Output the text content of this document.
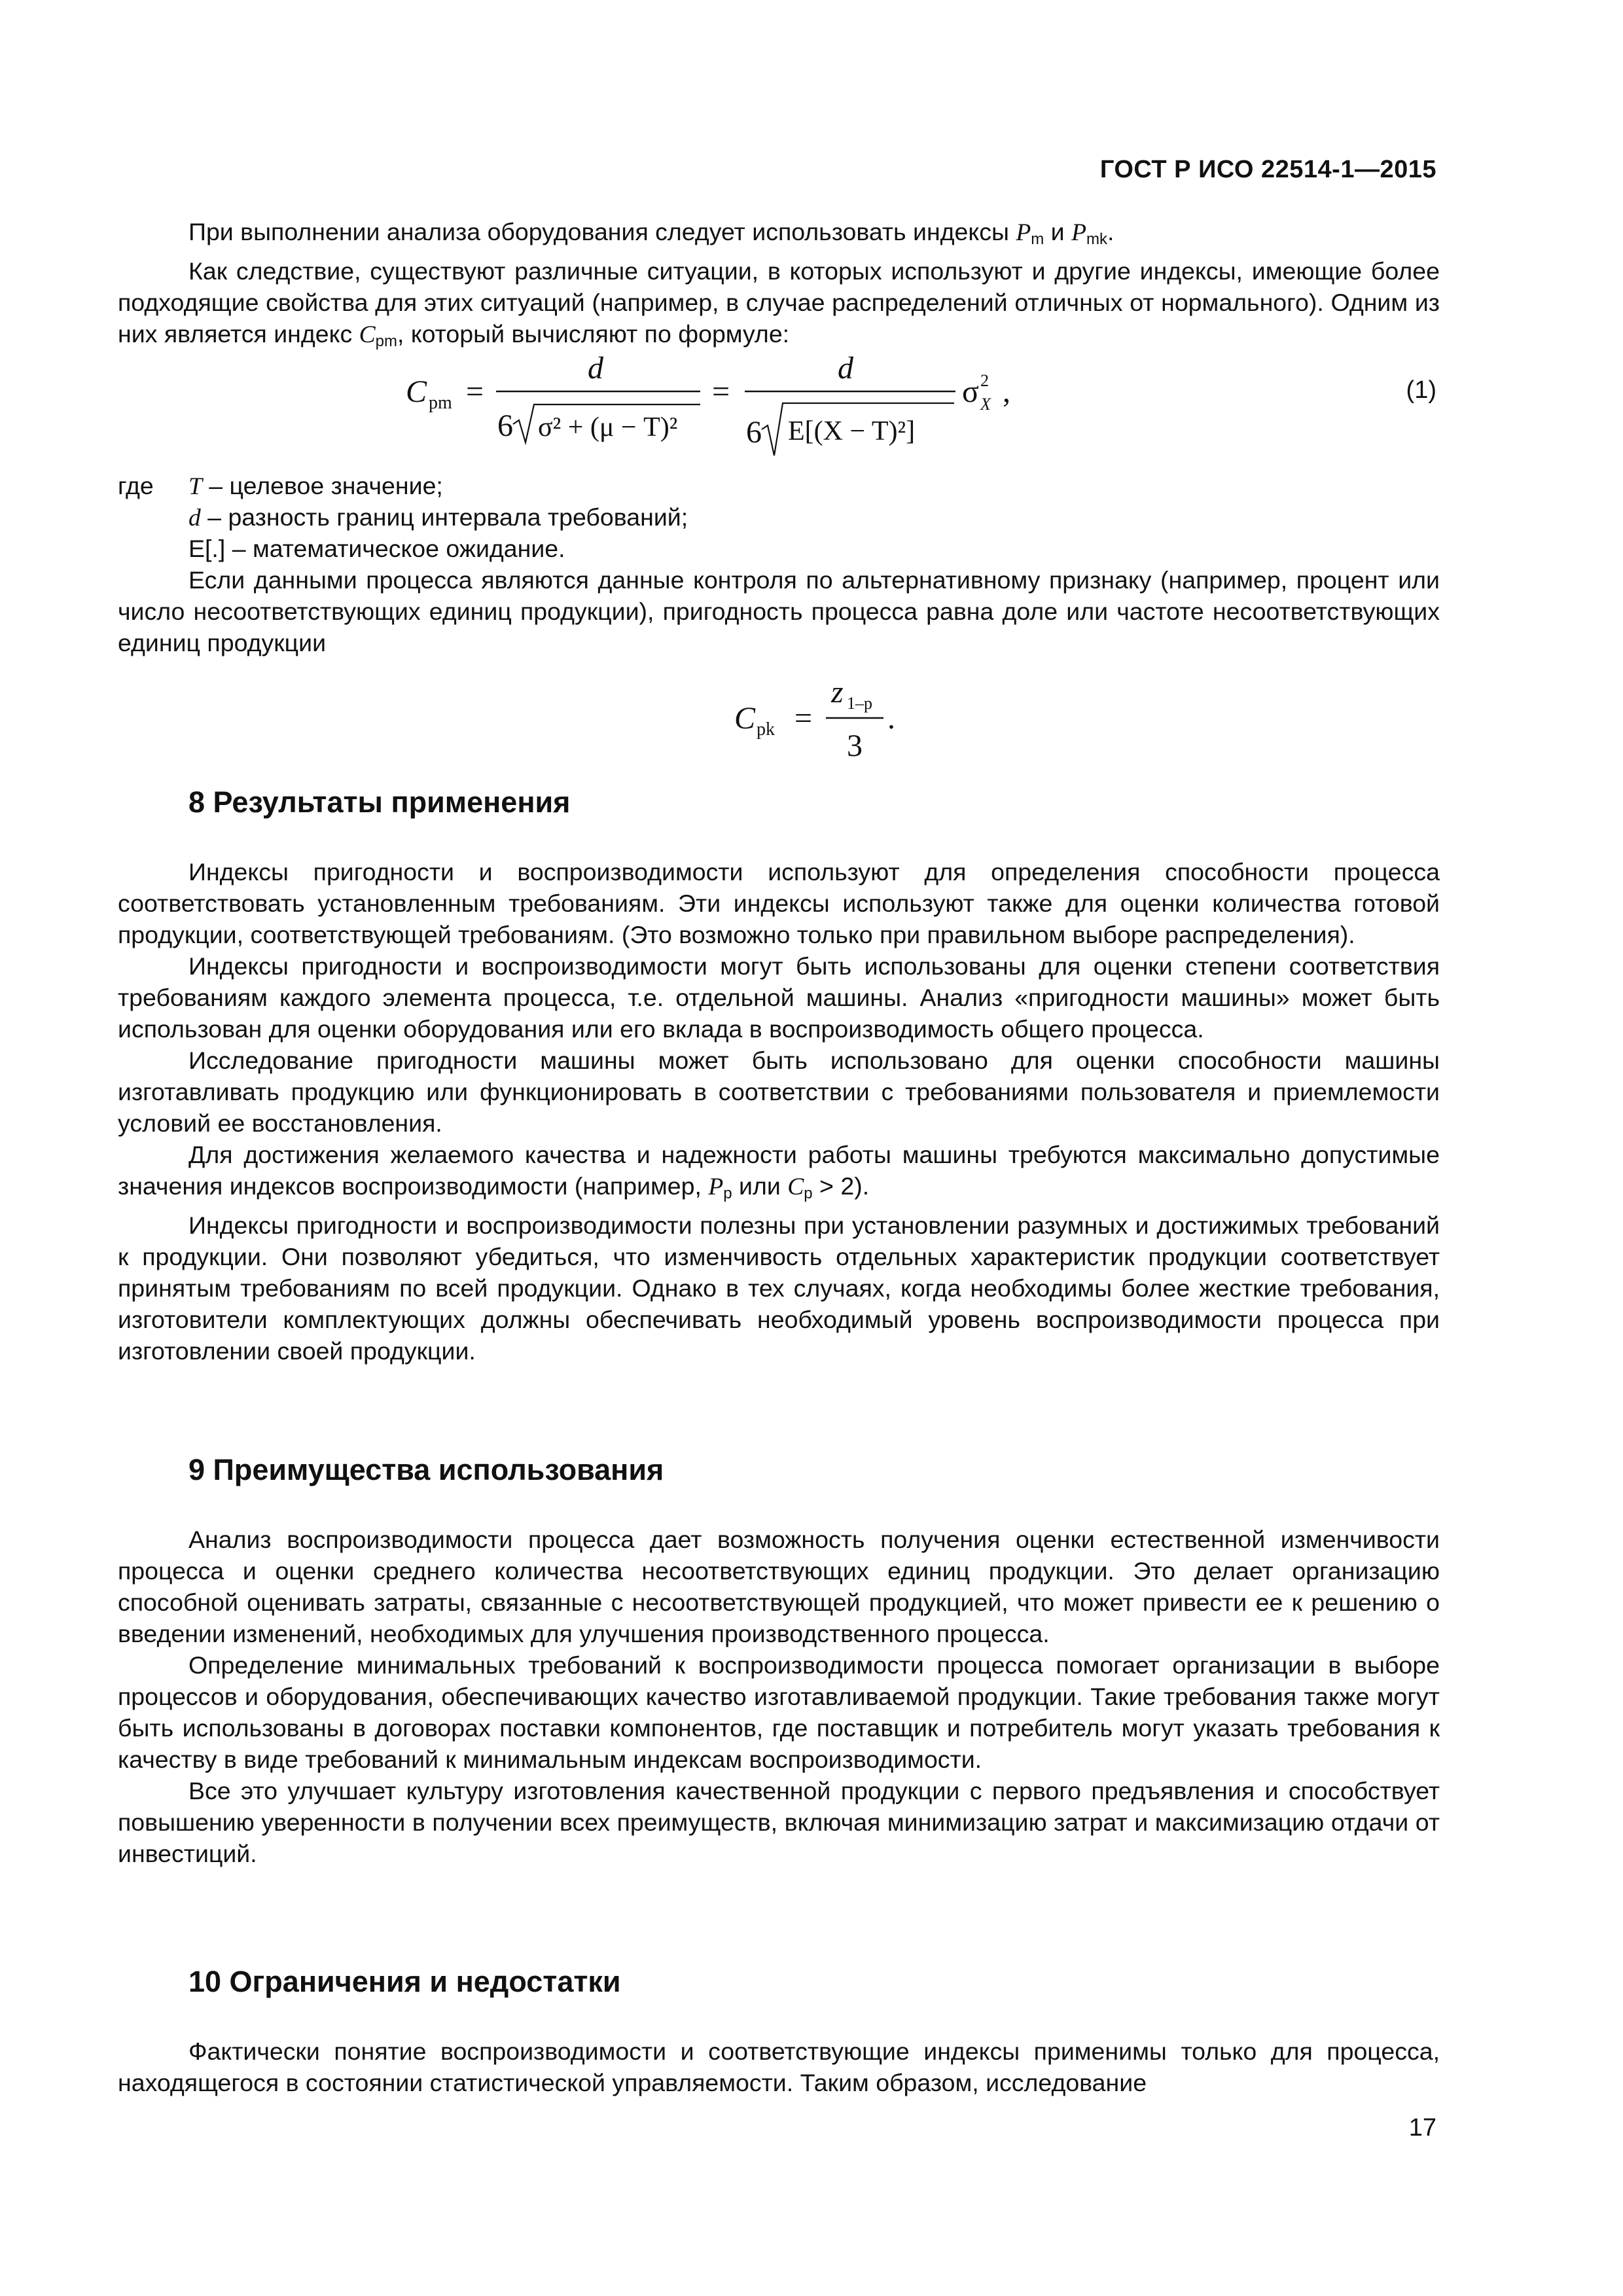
ГОСТ Р ИСО 22514-1—2015

При выполнении анализа оборудования следует использовать индексы $P_m$ и $P_{mk}$.

Как следствие, существуют различные ситуации, в которых используют и другие индексы, имеющие более подходящие свойства для этих ситуаций (например, в случае распределений отличных от нормального). Одним из них является индекс $C_{pm}$, который вычисляют по формуле:

C pm =
d
6 σ² + (μ − T)²
=
d
6 E[(X − T)²]
σ 2
X ,	(1)
где T – целевое значение;
d – разность границ интервала требований;
E[.] – математическое ожидание.

Если данными процесса являются данные контроля по альтернативному признаку (например, процент или число несоответствующих единиц продукции), пригодность процесса равна доле или частоте несоответствующих единиц продукции

C pk =
z 1–p
3
.
8 Результаты применения

Индексы пригодности и воспроизводимости используют для определения способности процесса соответствовать установленным требованиям. Эти индексы используют также для оценки количества готовой продукции, соответствующей требованиям. (Это возможно только при правильном выборе распределения).

Индексы пригодности и воспроизводимости могут быть использованы для оценки степени соответствия требованиям каждого элемента процесса, т.е. отдельной машины. Анализ «пригодности машины» может быть использован для оценки оборудования или его вклада в воспроизводимость общего процесса.

Исследование пригодности машины может быть использовано для оценки способности машины изготавливать продукцию или функционировать в соответствии с требованиями пользователя и приемлемости условий ее восстановления.

Для достижения желаемого качества и надежности работы машины требуются максимально допустимые значения индексов воспроизводимости (например, $P_p$ или $C_p > 2$).

Индексы пригодности и воспроизводимости полезны при установлении разумных и достижимых требований к продукции. Они позволяют убедиться, что изменчивость отдельных характеристик продукции соответствует принятым требованиям по всей продукции. Однако в тех случаях, когда необходимы более жесткие требования, изготовители комплектующих должны обеспечивать необходимый уровень воспроизводимости процесса при изготовлении своей продукции.

9 Преимущества использования

Анализ воспроизводимости процесса дает возможность получения оценки естественной изменчивости процесса и оценки среднего количества несоответствующих единиц продукции. Это делает организацию способной оценивать затраты, связанные с несоответствующей продукцией, что может привести ее к решению о введении изменений, необходимых для улучшения производственного процесса.

Определение минимальных требований к воспроизводимости процесса помогает организации в выборе процессов и оборудования, обеспечивающих качество изготавливаемой продукции. Такие требования также могут быть использованы в договорах поставки компонентов, где поставщик и потребитель могут указать требования к качеству в виде требований к минимальным индексам воспроизводимости.

Все это улучшает культуру изготовления качественной продукции с первого предъявления и способствует повышению уверенности в получении всех преимуществ, включая минимизацию затрат и максимизацию отдачи от инвестиций.

10 Ограничения и недостатки

Фактически понятие воспроизводимости и соответствующие индексы применимы только для процесса, находящегося в состоянии статистической управляемости. Таким образом, исследование

17
